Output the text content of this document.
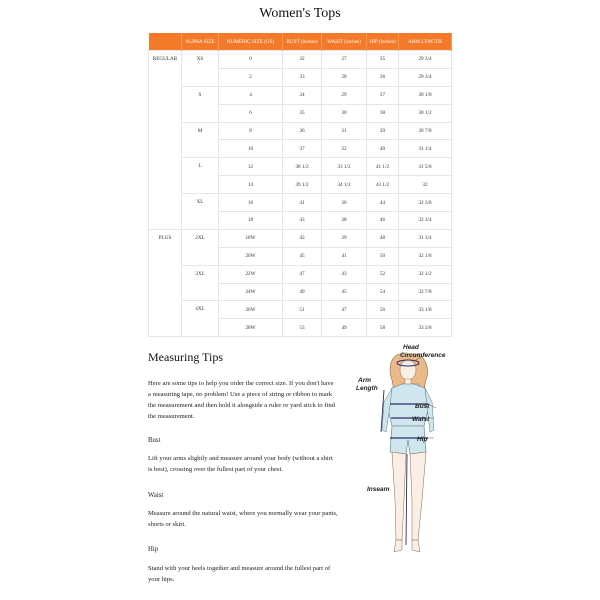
Women's Tops
	ALPHA SIZE	NUMERIC SIZE (US)	BUST (inches)	WAIST (inches)	HIP (inches)	ARM LENGTH
REGULAR	XS	0	32	27	35	29 3/4
		2	33	28	36	29 3/4
	S	4	34	29	37	30 1/8
		6	35	30	38	30 1/2
	M	8	36	31	39	30 7/8
		10	37	32	40	31 1/4
	L	12	38 1/2	33 1/2	41 1/2	31 5/8
		14	39 1/2	34 1/2	43 1/2	32
	XL	16	41	36	44	32 3/8
		18	43	38	46	32 3/4
PLUS	2XL	18W	43	39	48	31 3/4
		20W	45	41	50	32 1/8
	3XL	22W	47	43	52	32 1/2
		24W	49	45	54	32 7/8
	4XL	26W	51	47	56	33 1/8
		28W	53	49	58	33 3/8
Measuring Tips
Here are some tips to help you order the correct size. If you don't have a measuring tape, no problem! Use a piece of string or ribbon to mark the measurement and then hold it alongside a ruler or yard stick to find the measurement.
Bust
Lift your arms slightly and measure around your body (without a shirt is best), crossing over the fullest part of your chest.
Waist
Measure around the natural waist, where you normally wear your pants, shorts or skirt.
Hip
Stand with your heels together and measure around the fullest part of your hips.
Head
Circumference
Arm
Length
Bust
Waist
Hip
Inseam
